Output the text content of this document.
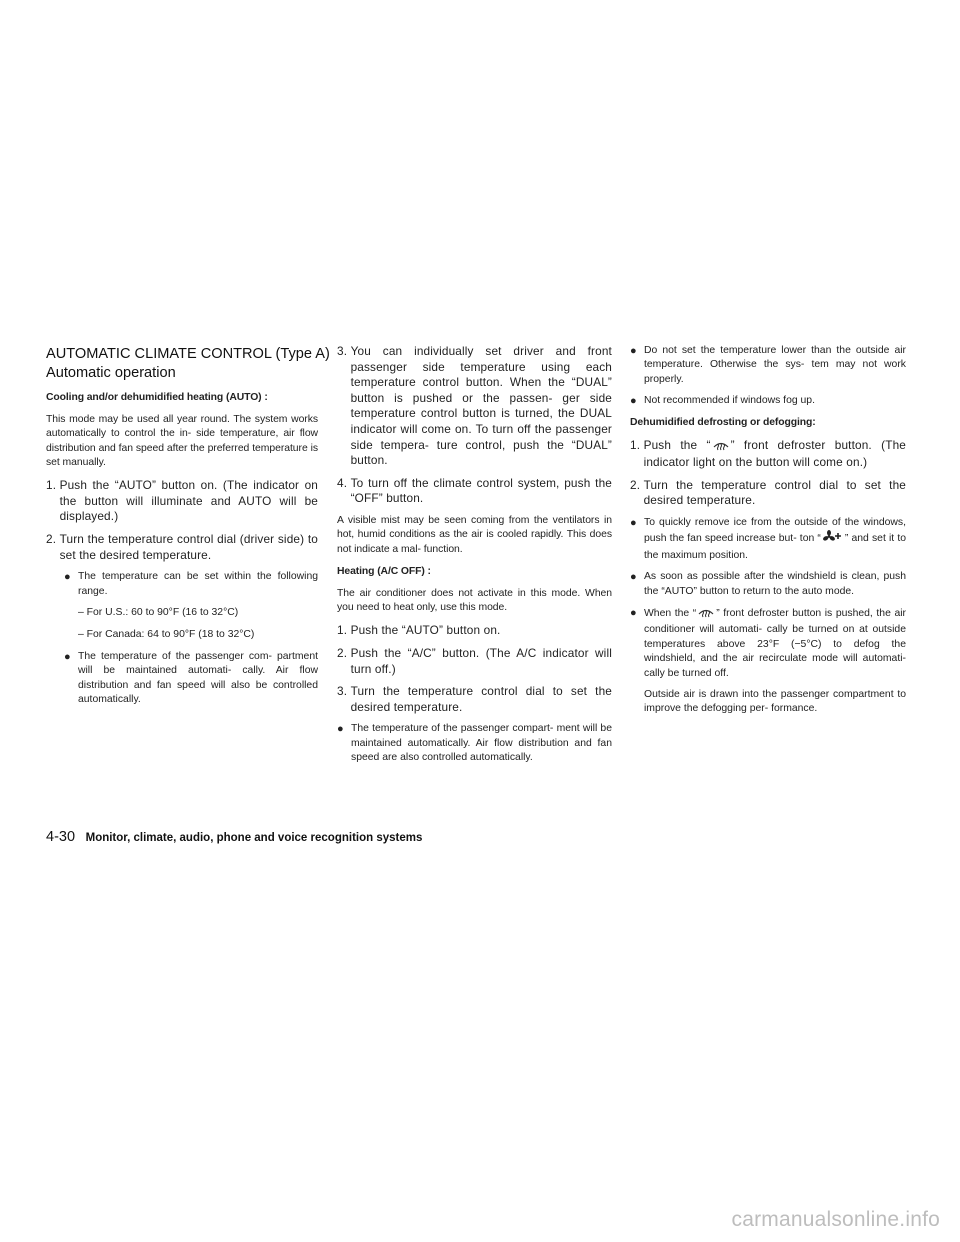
AUTOMATIC CLIMATE CONTROL (Type A)
Automatic operation
Cooling and/or dehumidified heating (AUTO) :
This mode may be used all year round. The system works automatically to control the in- side temperature, air flow distribution and fan speed after the preferred temperature is set manually.
1. Push the “AUTO” button on. (The indicator on the button will illuminate and AUTO will be displayed.)
2. Turn the temperature control dial (driver side) to set the desired temperature.
● The temperature can be set within the following range.
– For U.S.: 60 to 90°F (16 to 32°C)
– For Canada: 64 to 90°F (18 to 32°C)
● The temperature of the passenger com- partment will be maintained automati- cally. Air flow distribution and fan speed will also be controlled automatically.
3. You can individually set driver and front passenger side temperature using each temperature control button. When the “DUAL” button is pushed or the passen- ger side temperature control button is turned, the DUAL indicator will come on. To turn off the passenger side tempera- ture control, push the “DUAL” button.
4. To turn off the climate control system, push the “OFF” button.
A visible mist may be seen coming from the ventilators in hot, humid conditions as the air is cooled rapidly. This does not indicate a mal- function.
Heating (A/C OFF) :
The air conditioner does not activate in this mode. When you need to heat only, use this mode.
1. Push the “AUTO” button on.
2. Push the “A/C” button. (The A/C indicator will turn off.)
3. Turn the temperature control dial to set the desired temperature.
● The temperature of the passenger compart- ment will be maintained automatically. Air flow distribution and fan speed are also controlled automatically.
● Do not set the temperature lower than the outside air temperature. Otherwise the sys- tem may not work properly.
● Not recommended if windows fog up.
Dehumidified defrosting or defogging:
1. Push the “ ” front defroster button. (The indicator light on the button will come on.)
2. Turn the temperature control dial to set the desired temperature.
● To quickly remove ice from the outside of the windows, push the fan speed increase but- ton “ ” and set it to the maximum position.
● As soon as possible after the windshield is clean, push the “AUTO” button to return to the auto mode.
● When the “ ” front defroster button is pushed, the air conditioner will automati- cally be turned on at outside temperatures above 23°F (−5°C) to defog the windshield, and the air recirculate mode will automati- cally be turned off.
Outside air is drawn into the passenger compartment to improve the defogging per- formance.
4-30 Monitor, climate, audio, phone and voice recognition systems
carmanualsonline.info
